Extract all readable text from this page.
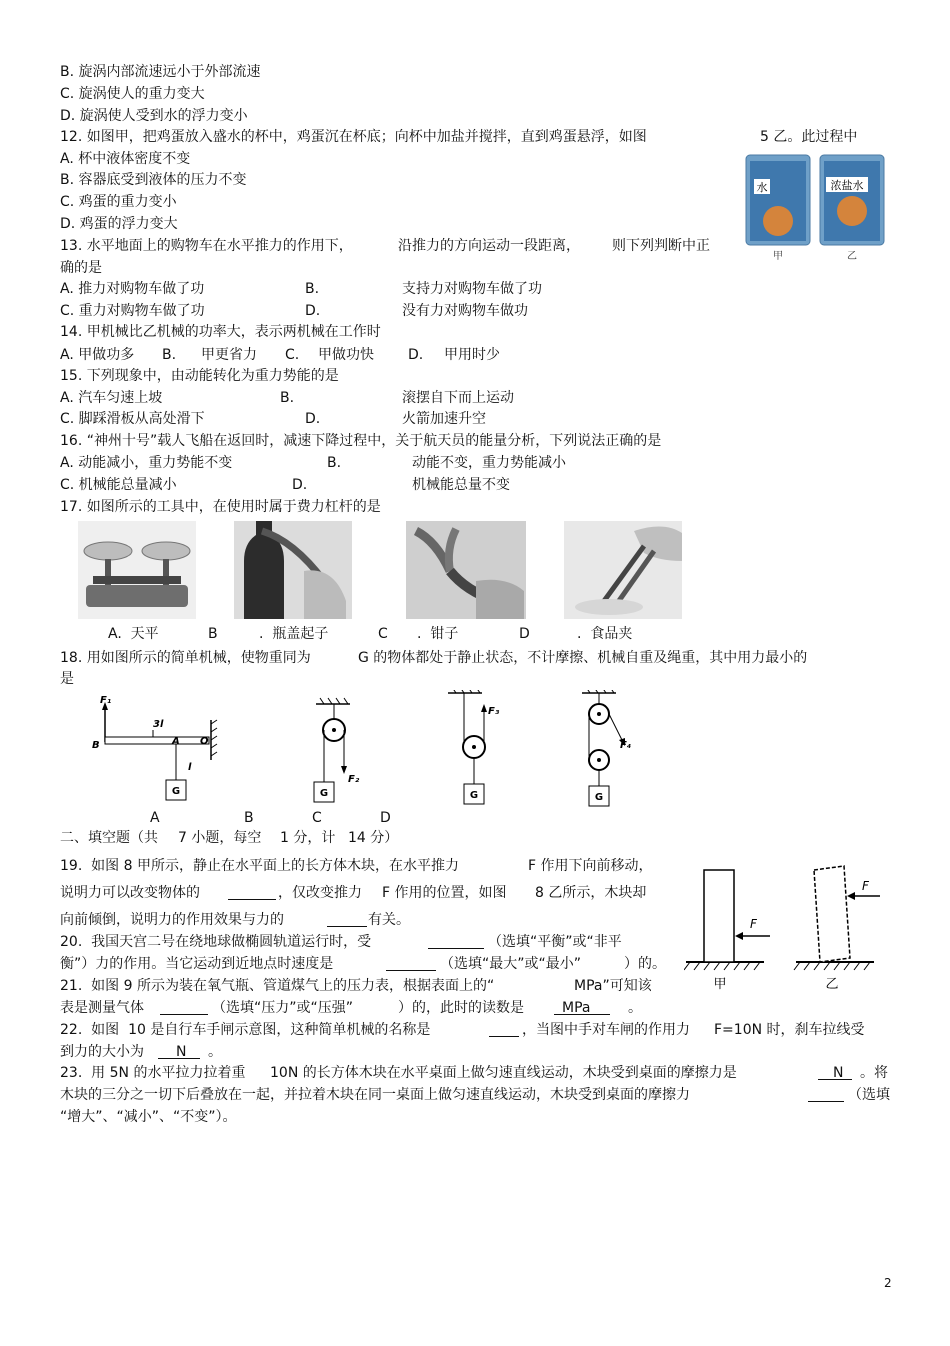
B. 旋涡内部流速远小于外部流速
C. 旋涡使人的重力变大
D. 旋涡使人受到水的浮力变小
12. 如图甲，把鸡蛋放入盛水的杯中，鸡蛋沉在杯底；向杯中加盐并搅拌，直到鸡蛋悬浮，如图	5 乙。此过程中
A. 杯中液体密度不变
B. 容器底受到液体的压力不变
C. 鸡蛋的重力变小
D. 鸡蛋的浮力变大
13. 水平地面上的购物车在水平推力的作用下，	沿推力的方向运动一段距离， 则下列判断中正
确的是
A. 推力对购物车做了功	B.	支持力对购物车做了功
C. 重力对购物车做了功	D.	没有力对购物车做功
14. 甲机械比乙机械的功率大，表示两机械在工作时
A. 甲做功多 B. 甲更省力 C. 甲做功快 D. 甲用时少
15. 下列现象中，由动能转化为重力势能的是
A. 汽车匀速上坡	B.	滚摆自下而上运动
C. 脚踩滑板从高处滑下	D.	火箭加速升空
16. “神州十号”载人飞船在返回时，减速下降过程中，关于航天员的能量分析，下列说法正确的是
A. 动能减小，重力势能不变	B.	动能不变，重力势能减小
C. 机械能总量减小	D.	机械能总量不变
17. 如图所示的工具中，在使用时属于费力杠杆的是
水	浓盐水
甲	乙
A.  天平	B	.  瓶盖起子	C .  钳子	D	.  食品夹
18. 用如图所示的简单机械，使物重同为	G 的物体都处于静止状态，不计摩擦、机械自重及绳重，其中用力最小的
是
F₁
3l
B	A O
l
G
F₂
G
F₃
G
F₄
G
A	B	C	D
二、填空题（共 7 小题，每空 1 分，计 14 分）
19.  如图 8 甲所示，静止在水平面上的长方体木块，在水平推力	F 作用下向前移动，
说明力可以改变物体的	，仅改变推力 F 作用的位置，如图 8 乙所示，木块却
向前倾倒，说明力的作用效果与力的	有关。
20.  我国天宫二号在绕地球做椭圆轨道运行时，受	（选填“平衡”或“非平
衡”）力的作用。当它运动到近地点时速度是	（选填“最大”或“最小”	）的。
21.  如图 9 所示为装在氧气瓶、管道煤气上的压力表，根据表面上的“	MPa”可知该
表是测量气体	（选填“压力”或“压强”	）的，此时的读数是	MPa	。
22.  如图  10 是自行车手闸示意图，这种简单机械的名称是	，当图中手对车闸的作用力 F=10N 时，刹车拉线受
到力的大小为 N 。
23.  用 5N 的水平拉力拉着重 10N 的长方体木块在水平桌面上做匀速直线运动，木块受到桌面的摩擦力是	N 。将
木块的三分之一切下后叠放在一起，并拉着木块在同一桌面上做匀速直线运动，木块受到桌面的摩擦力	（选填
“增大”、“减小”、“不变”）。
F
F
甲	乙
2
